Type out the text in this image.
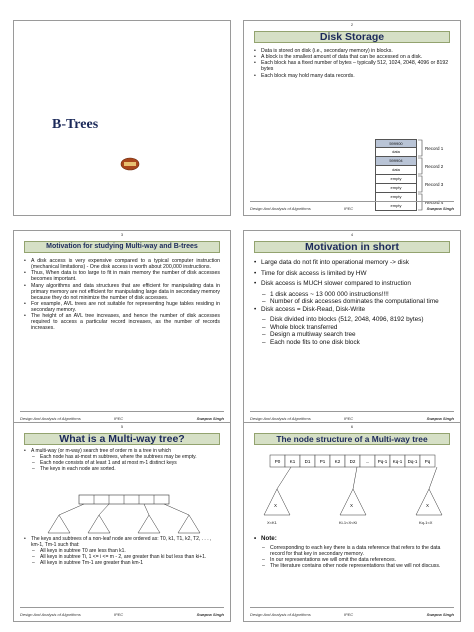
B-Trees
2
Disk Storage
• Data is stored on disk (i.e., secondary memory) in blocks.
• A block is the smallest amount of data that can be accessed on a disk.
• Each block has a fixed number of bytes – typically 512, 1024, 2048, 4096 or 8192 bytes
• Each block may hold many data records.
599900
data
599904
data
empty
empty
empty
empty
Record 1
Record 2
Record 3
Record 4
Design And Analysis of Algorithms	IPEC	Swapna Singh
3
Motivation for studying Multi-way and B-trees
• A disk access is very expensive compared to a typical computer instruction (mechanical limitations) - One disk access is worth about 200,000 instructions.
• Thus, When data is too large to fit in main memory the number of disk accesses becomes important.
• Many algorithms and data structures that are efficient for manipulating data in primary memory are not efficient for manipulating large data in secondary memory because they do not minimize the number of disk accesses.
• For example, AVL trees are not suitable for representing huge tables residing in secondary memory.
• The height of an AVL tree increases, and hence the number of disk accesses required to access a particular record increases, as the number of records increases.
Design And Analysis of Algorithms	IPEC	Swapna Singh
4
Motivation in short
• Large data do not fit into operational memory -> disk
• Time for disk access is limited by HW
• Disk access is MUCH slower compared to instruction
– 1 disk access ~ 13 000 000 instructions!!!!
– Number of disk accesses dominates the computational time
• Disk access = Disk-Read, Disk-Write
– Disk divided into blocks (512, 2048, 4096, 8192 bytes)
– Whole block transferred
– Design a multiway search tree
– Each node fits to one disk block
Design And Analysis of Algorithms	IPEC	Swapna Singh
5
What is a Multi-way tree?
• A multi-way (or m-way) search tree of order m is a tree in which
– Each node has at-most m subtrees, where the subtrees may be empty.
– Each node consists of at least 1 and at most m-1 distinct keys
– The keys in each node are sorted.
• The keys and subtrees of a non-leaf node are ordered as: T0, k1, T1, k2, T2, . . . , km-1, Tm-1 such that:
– All keys in subtree T0 are less than k1.
– All keys in subtree Ti, 1 <= i <= m - 2, are greater than ki but less than ki+1.
– All keys in subtree Tm-1 are greater than km-1
Design And Analysis of Algorithms	IPEC	Swapna Singh
6
The node structure of a Multi-way tree
P0 K1 D1 P1 K2 D2 ... Pq-1 Kq-1 Dq-1 Pq
X	X	X
X<K1	Ki-1<X<Ki	Kq-1<X
• Note:
– Corresponding to each key there is a data reference that refers to the data record for that key in secondary memory.
– In our representations we will omit the data references.
– The literature contains other node representations that we will not discuss.
Design And Analysis of Algorithms	IPEC	Swapna Singh
